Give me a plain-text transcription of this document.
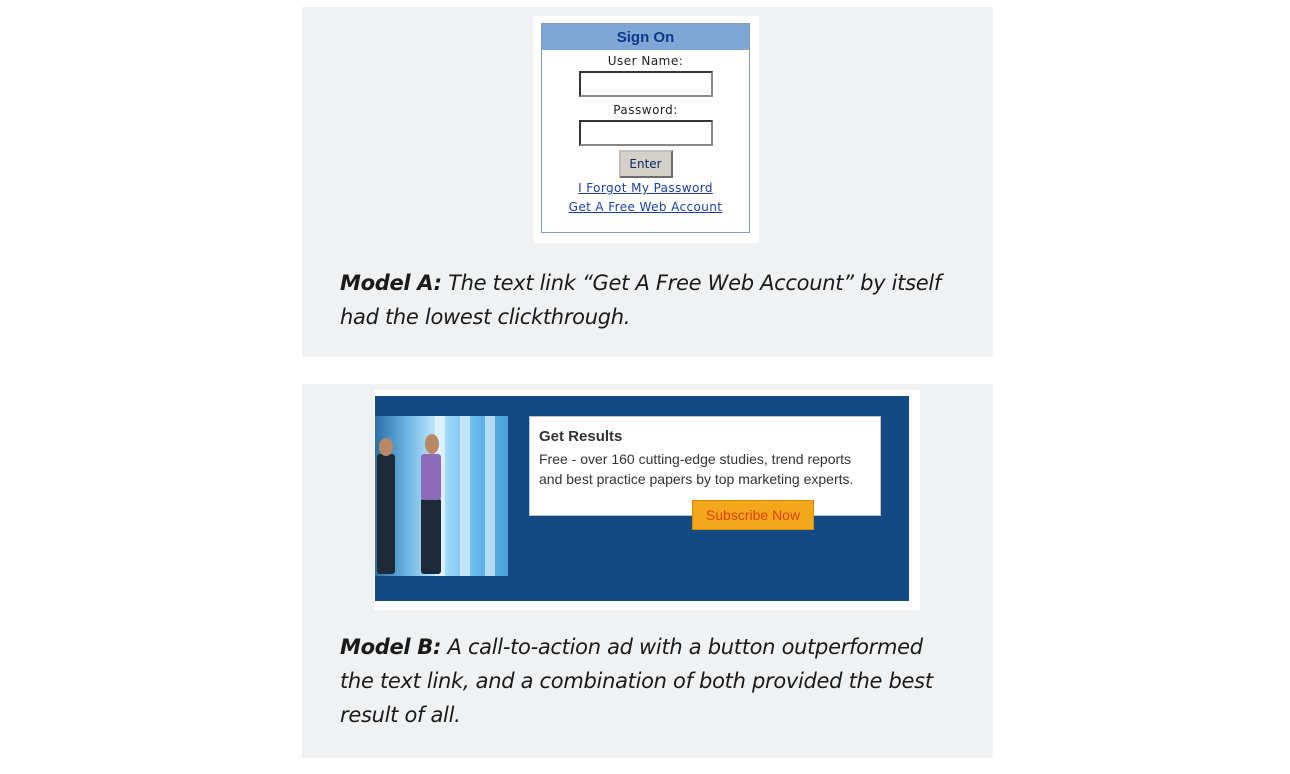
Sign On
User Name:
Password:
Enter
I Forgot My Password
Get A Free Web Account
Model A: The text link “Get A Free Web Account” by itself had the lowest clickthrough.
Get Results
Free - over 160 cutting-edge studies, trend reports and best practice papers by top marketing experts.
Subscribe Now
Model B: A call-to-action ad with a button outperformed the text link, and a combination of both provided the best result of all.
